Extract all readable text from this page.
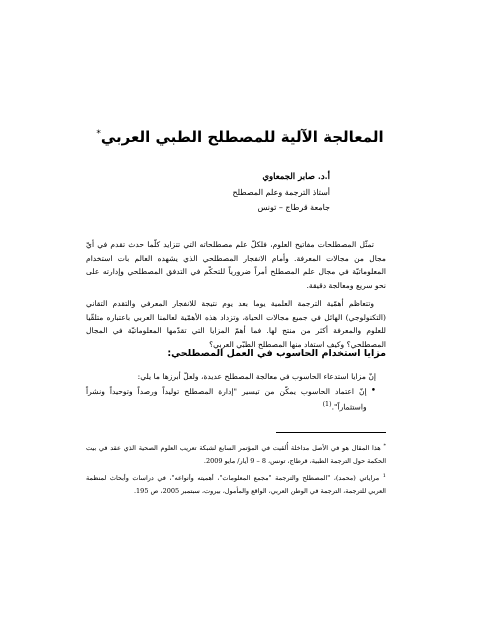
المعالجة الآلية للمصطلح الطبي العربي*
أ.د. صابر الجمعاوي
أستاذ الترجمة وعلم المصطلح
جامعة قرطاج – تونس

تمثّل المصطلحات مفاتيح العلوم، فلكلّ علم مصطلحاته التي تتزايد كلّما حدث تقدم في أيّ مجال من مجالات المعرفة. وأمام الانفجار المصطلحي الذي يشهده العالم بات استخدام المعلوماتيّة في مجال علم المصطلح أمراً ضرورياً للتحكّم في التدفق المصطلحي وإدارته على نحو سريع ومعالجة دقيقة.

وتتعاظم أهمّية الترجمة العلمية يوما بعد يوم نتيجة للانفجار المعرفي والتقدم التقاني (التكنولوجي) الهائل في جميع مجالات الحياة، وتزداد هذه الأهمّية لعالمنا العربي باعتباره متلقّيا للعلوم والمعرفة أكثر من منتج لها. فما أهمّ المزايا التي تقدّمها المعلوماتيّة في المجال المصطلحي؟ وكيف استفاد منها المصطلح الطبّي العربي؟

مزايا استخدام الحاسوب في العمل المصطلحي:

إنّ مزايا استدعاء الحاسوب في معالجة المصطلح عديدة، ولعلّ أبرزها ما يلي:

•
إنّ اعتماد الحاسوب يمكّن من تيسير "إدارة المصطلح توليداً ورصداً وتوحيداً ونشراً واستثماراً".$^{(1)}$

* هذا المقال هو في الأصل مداخلة أُلقيت في المؤتمر السابع لشبكة تعريب العلوم الصحية الذي عقد في بيت الحكمة حول الترجمة الطبية، قرطاج، تونس، 8 – 9 أيار/ مايو 2009.

$^1$ مراياتي (محمد)، "المصطلح والترجمة "مجمع المعلومات"، أهميته وأنواعه"، في دراسات وأبحاث لمنظمة العربي للترجمة، الترجمة في الوطن العربي، الواقع والمأمول، بيروت، سبتمبر 2005، ص 195.
